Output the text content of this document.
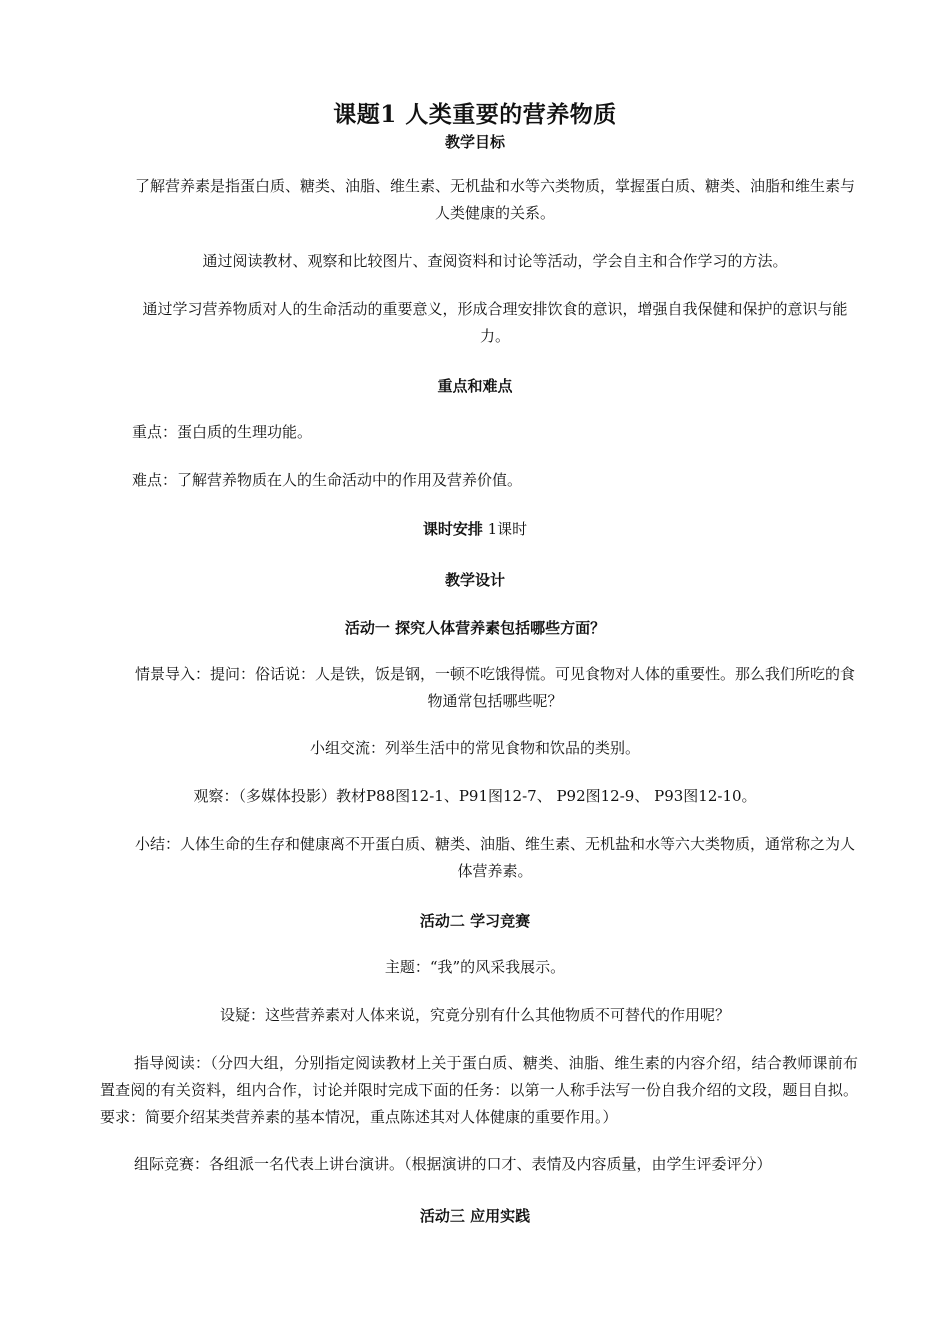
课题1 人类重要的营养物质
教学目标
了解营养素是指蛋白质、糖类、油脂、维生素、无机盐和水等六类物质，掌握蛋白质、糖类、油脂和维生素与人类健康的关系。
通过阅读教材、观察和比较图片、查阅资料和讨论等活动，学会自主和合作学习的方法。
通过学习营养物质对人的生命活动的重要意义，形成合理安排饮食的意识，增强自我保健和保护的意识与能力。
重点和难点
重点：蛋白质的生理功能。
难点：了解营养物质在人的生命活动中的作用及营养价值。
课时安排 1课时
教学设计
活动一 探究人体营养素包括哪些方面？
情景导入：提问：俗话说：人是铁，饭是钢，一顿不吃饿得慌。可见食物对人体的重要性。那么我们所吃的食物通常包括哪些呢？
小组交流：列举生活中的常见食物和饮品的类别。
观察：（多媒体投影）教材P88图12-1、P91图12-7、 P92图12-9、 P93图12-10。
小结：人体生命的生存和健康离不开蛋白质、糖类、油脂、维生素、无机盐和水等六大类物质，通常称之为人体营养素。
活动二 学习竞赛
主题：“我”的风采我展示。
设疑：这些营养素对人体来说，究竟分别有什么其他物质不可替代的作用呢？
指导阅读：（分四大组，分别指定阅读教材上关于蛋白质、糖类、油脂、维生素的内容介绍，结合教师课前布置查阅的有关资料，组内合作，讨论并限时完成下面的任务：以第一人称手法写一份自我介绍的文段，题目自拟。要求：简要介绍某类营养素的基本情况，重点陈述其对人体健康的重要作用。）
组际竞赛：各组派一名代表上讲台演讲。（根据演讲的口才、表情及内容质量，由学生评委评分）
活动三 应用实践
